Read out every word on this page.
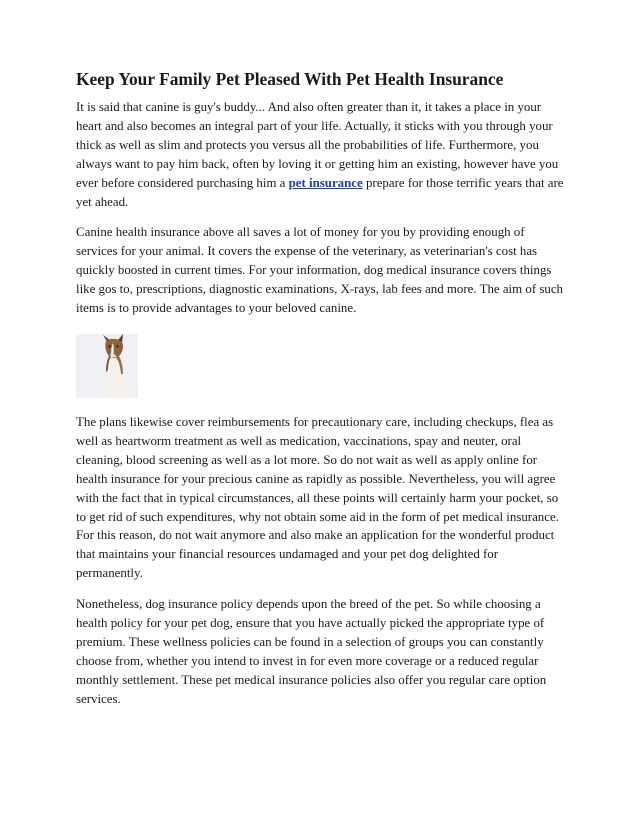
Keep Your Family Pet Pleased With Pet Health Insurance

It is said that canine is guy's buddy... And also often greater than it, it takes a place in your heart and also becomes an integral part of your life. Actually, it sticks with you through your thick as well as slim and protects you versus all the probabilities of life. Furthermore, you always want to pay him back, often by loving it or getting him an existing, however have you ever before considered purchasing him a pet insurance prepare for those terrific years that are yet ahead.

Canine health insurance above all saves a lot of money for you by providing enough of services for your animal. It covers the expense of the veterinary, as veterinarian's cost has quickly boosted in current times. For your information, dog medical insurance covers things like gos to, prescriptions, diagnostic examinations, X-rays, lab fees and more. The aim of such items is to provide advantages to your beloved canine.

The plans likewise cover reimbursements for precautionary care, including checkups, flea as well as heartworm treatment as well as medication, vaccinations, spay and neuter, oral cleaning, blood screening as well as a lot more. So do not wait as well as apply online for health insurance for your precious canine as rapidly as possible. Nevertheless, you will agree with the fact that in typical circumstances, all these points will certainly harm your pocket, so to get rid of such expenditures, why not obtain some aid in the form of pet medical insurance. For this reason, do not wait anymore and also make an application for the wonderful product that maintains your financial resources undamaged and your pet dog delighted for permanently.

Nonetheless, dog insurance policy depends upon the breed of the pet. So while choosing a health policy for your pet dog, ensure that you have actually picked the appropriate type of premium. These wellness policies can be found in a selection of groups you can constantly choose from, whether you intend to invest in for even more coverage or a reduced regular monthly settlement. These pet medical insurance policies also offer you regular care option services.
